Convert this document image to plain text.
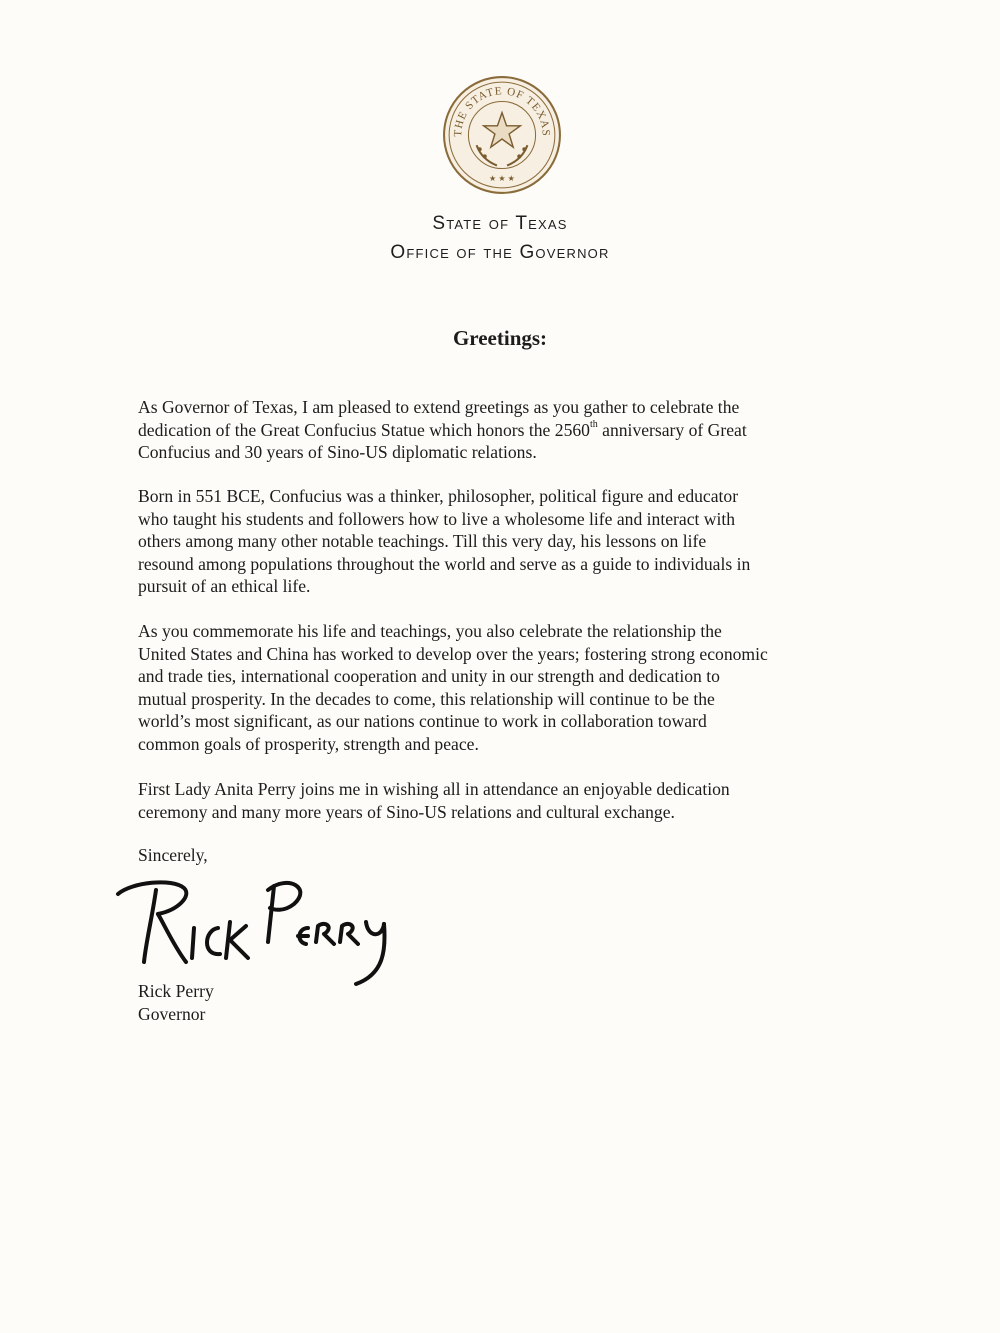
THE STATE OF TEXAS
★ ★ ★
State of Texas
Office of the Governor
Greetings:
As Governor of Texas, I am pleased to extend greetings as you gather to celebrate the
dedication of the Great Confucius Statue which honors the 2560th anniversary of Great
Confucius and 30 years of Sino-US diplomatic relations.
Born in 551 BCE, Confucius was a thinker, philosopher, political figure and educator
who taught his students and followers how to live a wholesome life and interact with
others among many other notable teachings. Till this very day, his lessons on life
resound among populations throughout the world and serve as a guide to individuals in
pursuit of an ethical life.
As you commemorate his life and teachings, you also celebrate the relationship the
United States and China has worked to develop over the years; fostering strong economic
and trade ties, international cooperation and unity in our strength and dedication to
mutual prosperity. In the decades to come, this relationship will continue to be the
world’s most significant, as our nations continue to work in collaboration toward
common goals of prosperity, strength and peace.
First Lady Anita Perry joins me in wishing all in attendance an enjoyable dedication
ceremony and many more years of Sino-US relations and cultural exchange.
Sincerely,
Rick Perry
Governor
